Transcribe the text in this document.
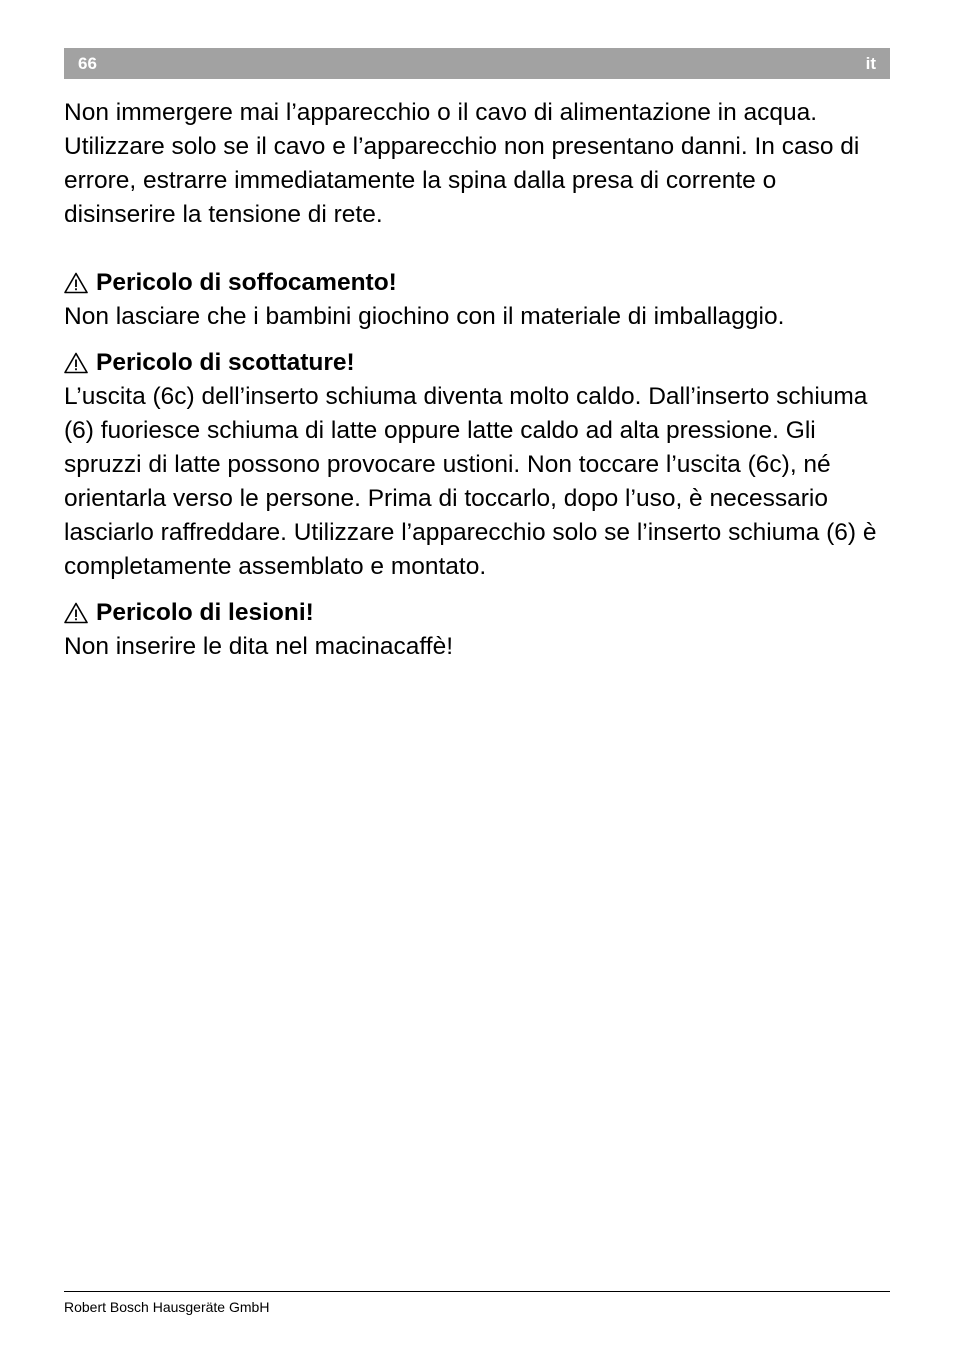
66	it

Non immergere mai l’apparecchio o il cavo di alimentazione in acqua. Utilizzare solo se il cavo e l’apparecchio non presentano danni. In caso di errore, estrarre immediatamente la spina dalla presa di corrente o disinserire la tensione di rete.

Pericolo di soffocamento!

Non lasciare che i bambini giochino con il materiale di imballaggio.

Pericolo di scottature!

L’uscita (6c) dell’inserto schiuma diventa molto caldo. Dall’inserto schiuma (6) fuoriesce schiuma di latte oppure latte caldo ad alta pressione. Gli spruzzi di latte possono provocare ustioni. Non toccare l’uscita (6c), né orientarla verso le persone. Prima di toccarlo, dopo l’uso, è necessario lasciarlo raffreddare. Utilizzare l’apparecchio solo se l’inserto schiuma (6) è completamente assemblato e montato.

Pericolo di lesioni!

Non inserire le dita nel macinacaffè!

Robert Bosch Hausgeräte GmbH
